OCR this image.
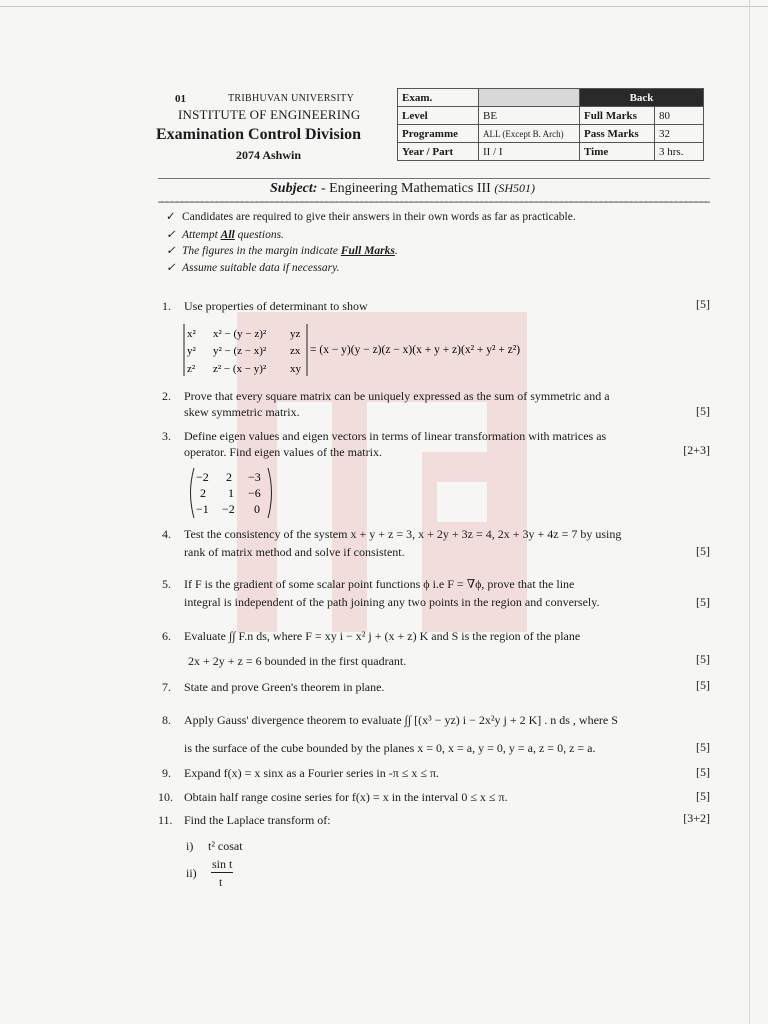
01	TRIBHUVAN UNIVERSITY
INSTITUTE OF ENGINEERING
Examination Control Division
2074 Ashwin
Exam.		Back	
Level	BE	Full Marks	80
Programme	ALL (Except B. Arch)	Pass Marks	32
Year / Part	II / I	Time	3 hrs.
Subject: - Engineering Mathematics III (SH501)
✓ Candidates are required to give their answers in their own words as far as practicable.
✓ Attempt All questions.
✓ The figures in the margin indicate Full Marks.
✓ Assume suitable data if necessary.
1. Use properties of determinant to show	[5]
x² x² − (y − z)² yz
y² y² − (z − x)² zx
z² z² − (x − y)² xy
= (x − y)(y − z)(z − x)(x + y + z)(x² + y² + z²)
2. Prove that every square matrix can be uniquely expressed as the sum of symmetric and a
skew symmetric matrix.	[5]
3. Define eigen values and eigen vectors in terms of linear transformation with matrices as
operator. Find eigen values of the matrix.	[2+3]
−2 2 −3
2 1 −6
−1 −2 0
4. Test the consistency of the system x + y + z = 3, x + 2y + 3z = 4, 2x + 3y + 4z = 7 by using
rank of matrix method and solve if consistent.	[5]
5. If F is the gradient of some scalar point functions ϕ i.e F = ∇ϕ, prove that the line
integral is independent of the path joining any two points in the region and conversely.	[5]
6. Evaluate ∫∫ F.n ds, where F = xy i − x² j + (x + z) K and S is the region of the plane
2x + 2y + z = 6 bounded in the first quadrant.	[5]
7. State and prove Green's theorem in plane.	[5]
8. Apply Gauss' divergence theorem to evaluate ∫∫ [(x³ − yz) i − 2x²y j + 2 K] . n ds , where S
is the surface of the cube bounded by the planes x = 0, x = a, y = 0, y = a, z = 0, z = a.	[5]
9. Expand f(x) = x sinx as a Fourier series in -π ≤ x ≤ π.	[5]
10. Obtain half range cosine series for f(x) = x in the interval 0 ≤ x ≤ π.	[5]
11. Find the Laplace transform of:	[3+2]
i) t² cosat
ii)
sin t
t
